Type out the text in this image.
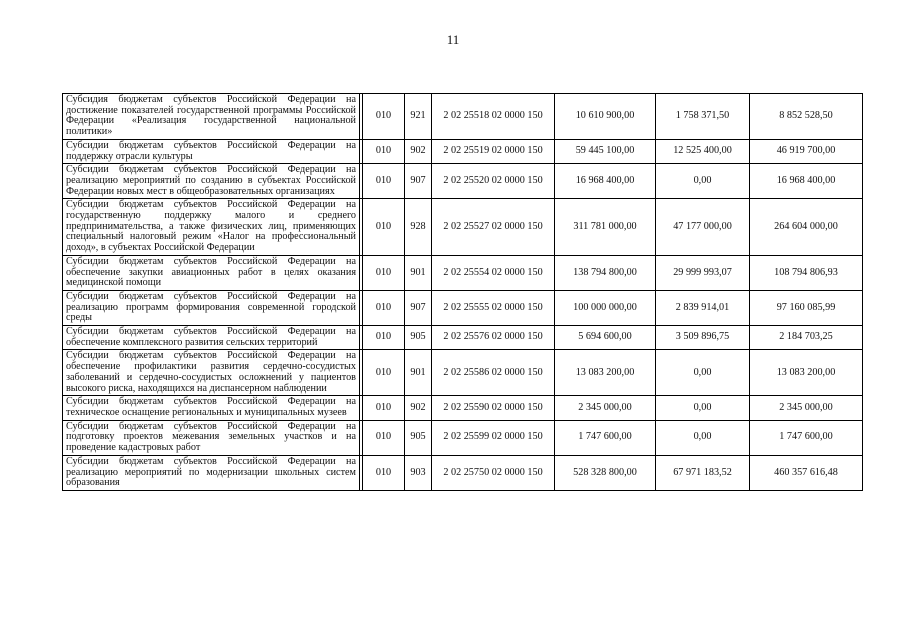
11
Субсидия бюджетам субъектов Российской Федерации на достижение показателей государственной программы Российской Федерации «Реализация государственной национальной политики»		010	921	2 02 25518 02 0000 150	10 610 900,00	1 758 371,50	8 852 528,50
Субсидии бюджетам субъектов Российской Федерации на поддержку отрасли культуры		010	902	2 02 25519 02 0000 150	59 445 100,00	12 525 400,00	46 919 700,00
Субсидии бюджетам субъектов Российской Федерации на реализацию мероприятий по созданию в субъектах Российской Федерации новых мест в общеобразовательных организациях		010	907	2 02 25520 02 0000 150	16 968 400,00	0,00	16 968 400,00
Субсидии бюджетам субъектов Российской Федерации на государственную поддержку малого и среднего предпринимательства, а также физических лиц, применяющих специальный налоговый режим «Налог на профессиональный доход», в субъектах Российской Федерации		010	928	2 02 25527 02 0000 150	311 781 000,00	47 177 000,00	264 604 000,00
Субсидии бюджетам субъектов Российской Федерации на обеспечение закупки авиационных работ в целях оказания медицинской помощи		010	901	2 02 25554 02 0000 150	138 794 800,00	29 999 993,07	108 794 806,93
Субсидии бюджетам субъектов Российской Федерации на реализацию программ формирования современной городской среды		010	907	2 02 25555 02 0000 150	100 000 000,00	2 839 914,01	97 160 085,99
Субсидии бюджетам субъектов Российской Федерации на обеспечение комплексного развития сельских территорий		010	905	2 02 25576 02 0000 150	5 694 600,00	3 509 896,75	2 184 703,25
Субсидии бюджетам субъектов Российской Федерации на обеспечение профилактики развития сердечно-сосудистых заболеваний и сердечно-сосудистых осложнений у пациентов высокого риска, находящихся на диспансерном наблюдении		010	901	2 02 25586 02 0000 150	13 083 200,00	0,00	13 083 200,00
Субсидии бюджетам субъектов Российской Федерации на техническое оснащение региональных и муниципальных музеев		010	902	2 02 25590 02 0000 150	2 345 000,00	0,00	2 345 000,00
Субсидии бюджетам субъектов Российской Федерации на подготовку проектов межевания земельных участков и на проведение кадастровых работ		010	905	2 02 25599 02 0000 150	1 747 600,00	0,00	1 747 600,00
Субсидии бюджетам субъектов Российской Федерации на реализацию мероприятий по модернизации школьных систем образования		010	903	2 02 25750 02 0000 150	528 328 800,00	67 971 183,52	460 357 616,48
